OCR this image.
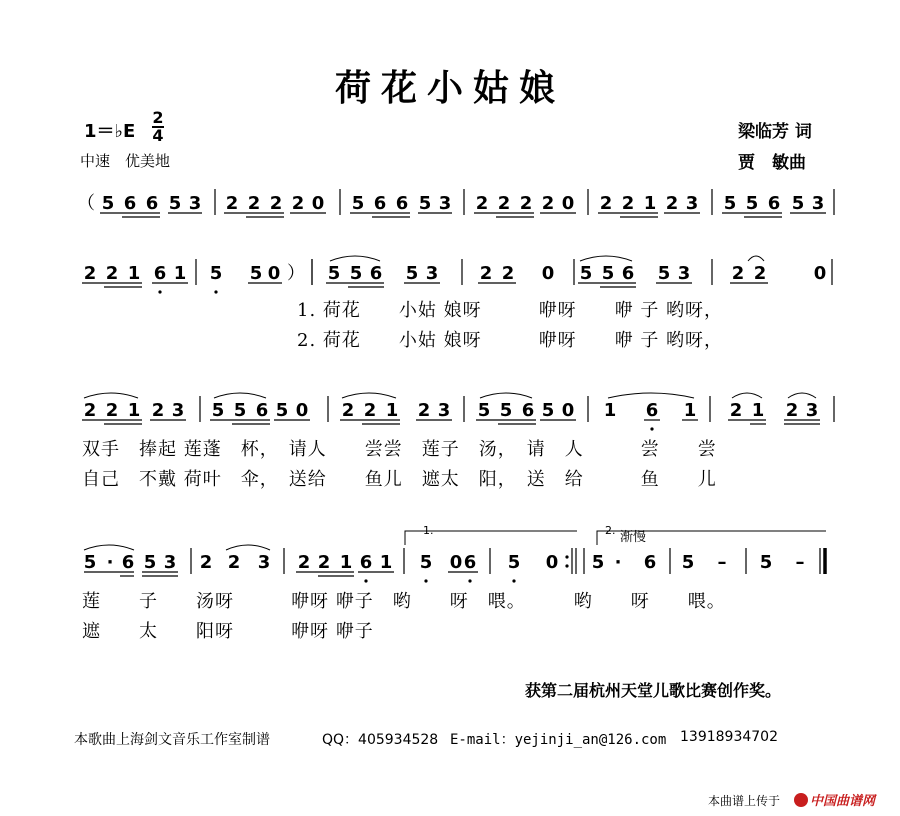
荷花小姑娘
1＝♭E
2
4
中速　优美地
梁临芳 词
贾　敏曲
5 6 6 5 3 2 2 2 2 0 5 6 6 5 3 2 2 2 2 0 2 2 1 2 3 5 5 6 5 3
2 2 1 6 1 5 5 0	5 5 6 5 3 2 2 0 5 5 6 5 3 2 2	0
2 2 1 2 3 5 5 6 5 0 2 2 1 2 3 5 5 6 5 0 1 6 1 2 1 2 3
5 · 6 5 3 2 2 3 2 2 1 6 1 5 0 6 5 0 5 · 6 5 – 5 –
（
）
1.	2. 渐慢
1. 荷花　　小姑 娘呀　　　咿呀　　咿 子 哟呀，
2. 荷花　　小姑 娘呀　　　咿呀　　咿 子 哟呀，
双手　捧起 莲蓬　杯，　请人　　尝尝　莲子　汤，　请　人　　　尝　　尝
自己　不戴 荷叶　伞，　送给　　鱼儿　遮太　阳，　送　给　　　鱼　　儿
莲　　子　　汤呀　　　咿呀 咿子　哟　　呀　喂。　　　哟　　呀　　喂。
遮　　太　　阳呀　　　咿呀 咿子
获第二届杭州天堂儿歌比赛创作奖。
本歌曲上海剑文音乐工作室制谱	QQ：405934528 E-mail：yejinji_an@126.com 13918934702
本曲谱上传于 中国曲谱网
